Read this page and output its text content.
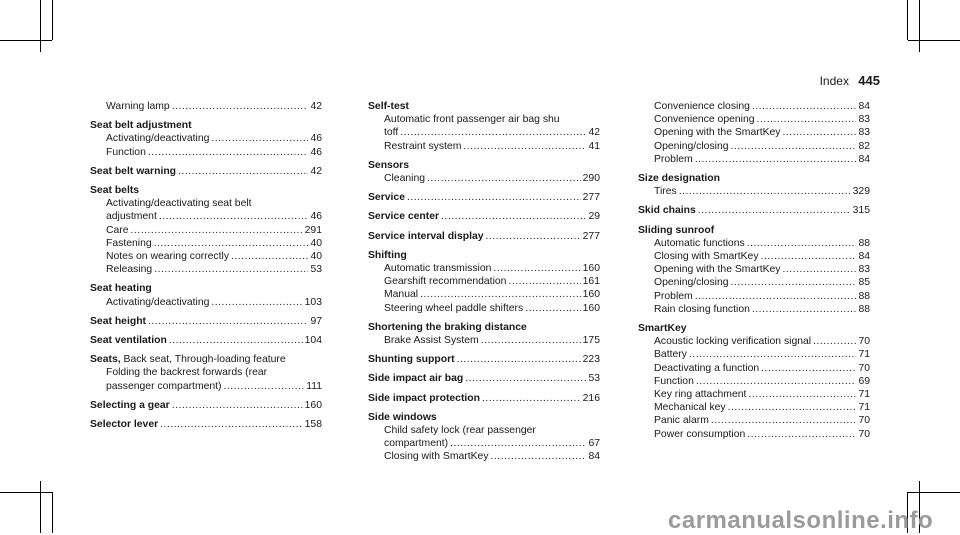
Index 445
Warning lamp .....	42
Seat belt adjustment
Activating/deactivating .....	46
Function .....	46
Seat belt warning .....	42
Seat belts
Activating/deactivating seat belt
adjustment .....	46
Care .....	291
Fastening .....	40
Notes on wearing correctly .....	40
Releasing .....	53
Seat heating
Activating/deactivating .....	103
Seat height .....	97
Seat ventilation .....	104
Seats, Back seat, Through-loading feature
Folding the backrest forwards (rear
passenger compartment) .....	111
Selecting a gear .....	160
Selector lever .....	158
Self-test
Automatic front passenger air bag shu
toff .....	42
Restraint system .....	41
Sensors
Cleaning .....	290
Service .....	277
Service center .....	29
Service interval display .....	277
Shifting
Automatic transmission .....	160
Gearshift recommendation .....	161
Manual .....	160
Steering wheel paddle shifters .....	160
Shortening the braking distance
Brake Assist System .....	175
Shunting support .....	223
Side impact air bag .....	53
Side impact protection .....	216
Side windows
Child safety lock (rear passenger
compartment) .....	67
Closing with SmartKey .....	84
Convenience closing .....	84
Convenience opening .....	83
Opening with the SmartKey .....	83
Opening/closing .....	82
Problem .....	84
Size designation
Tires .....	329
Skid chains .....	315
Sliding sunroof
Automatic functions .....	88
Closing with SmartKey .....	84
Opening with the SmartKey .....	83
Opening/closing .....	85
Problem .....	88
Rain closing function .....	88
SmartKey
Acoustic locking verification signal .....	70
Battery .....	71
Deactivating a function .....	70
Function .....	69
Key ring attachment .....	71
Mechanical key .....	71
Panic alarm .....	70
Power consumption .....	70
carmanualsonline.info
